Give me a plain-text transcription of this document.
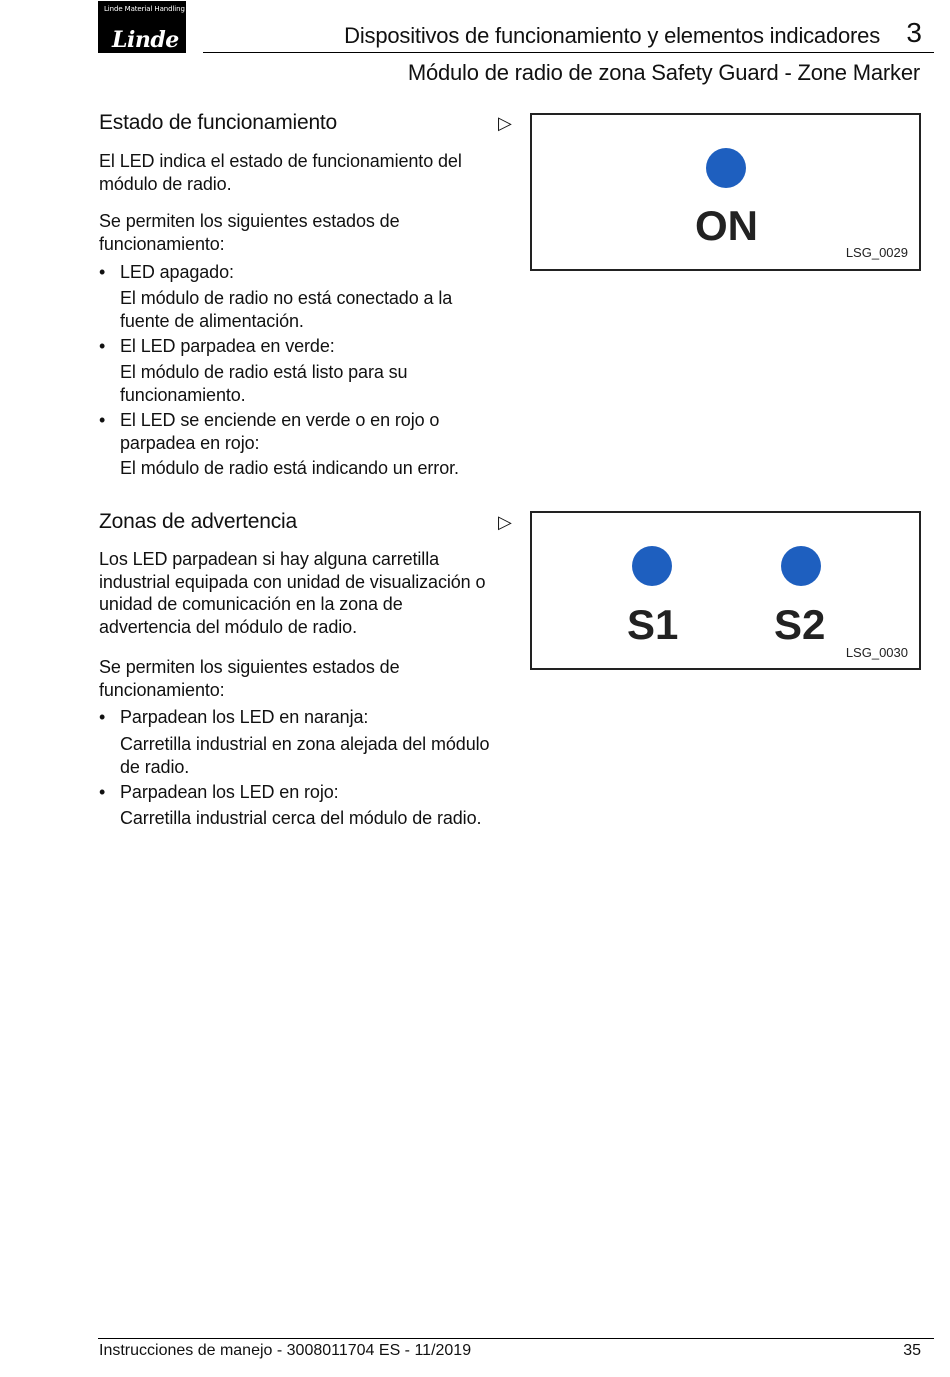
Linde Material Handling
Linde	Dispositivos de funcionamiento y elementos indicadores 3
Módulo de radio de zona Safety Guard - Zone Marker
Estado de funcionamiento	▷
El LED indica el estado de funcionamiento del módulo de radio.
Se permiten los siguientes estados de funcionamiento:
• LED apagado:
El módulo de radio no está conectado a la fuente de alimentación.
• El LED parpadea en verde:
El módulo de radio está listo para su funcionamiento.
• El LED se enciende en verde o en rojo o parpadea en rojo:
El módulo de radio está indicando un error.
ON
LSG_0029
Zonas de advertencia	▷
Los LED parpadean si hay alguna carretilla industrial equipada con unidad de visualización o unidad de comunicación en la zona de advertencia del módulo de radio.
Se permiten los siguientes estados de funcionamiento:
• Parpadean los LED en naranja:
Carretilla industrial en zona alejada del módulo de radio.
• Parpadean los LED en rojo:
Carretilla industrial cerca del módulo de radio.
S1 S2
LSG_0030
Instrucciones de manejo - 3008011704 ES - 11/2019	35
